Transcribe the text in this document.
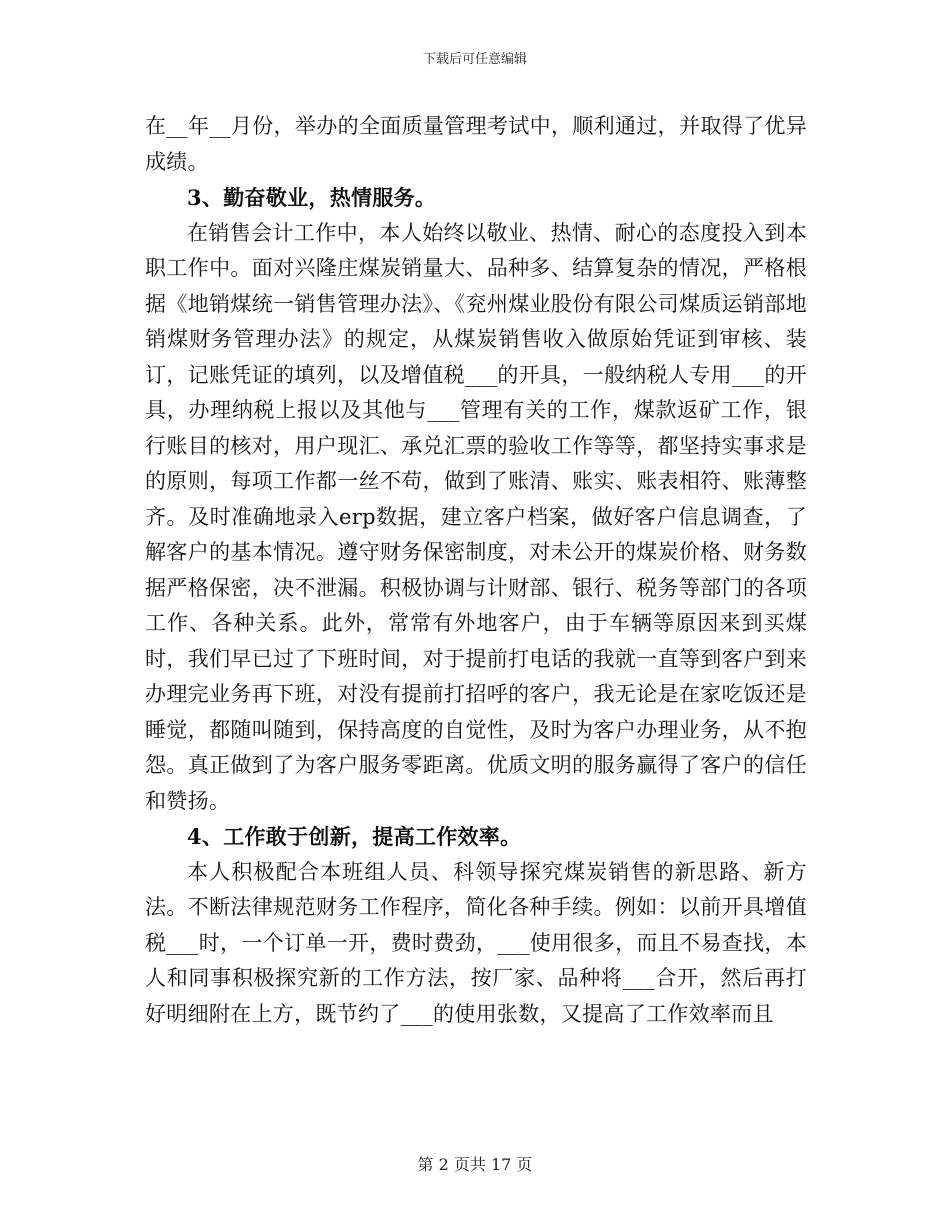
下载后可任意编辑

在__年__月份，举办的全面质量管理考试中，顺利通过，并取得了优异成绩。

3、勤奋敬业，热情服务。

在销售会计工作中，本人始终以敬业、热情、耐心的态度投入到本职工作中。面对兴隆庄煤炭销量大、品种多、结算复杂的情况，严格根据《地销煤统一销售管理办法》、《兖州煤业股份有限公司煤质运销部地销煤财务管理办法》的规定，从煤炭销售收入做原始凭证到审核、装订，记账凭证的填列，以及增值税___的开具，一般纳税人专用___的开具，办理纳税上报以及其他与___管理有关的工作，煤款返矿工作，银行账目的核对，用户现汇、承兑汇票的验收工作等等，都坚持实事求是的原则，每项工作都一丝不苟，做到了账清、账实、账表相符、账薄整齐。及时准确地录入erp数据，建立客户档案，做好客户信息调查，了解客户的基本情况。遵守财务保密制度，对未公开的煤炭价格、财务数据严格保密，决不泄漏。积极协调与计财部、银行、税务等部门的各项工作、各种关系。此外，常常有外地客户，由于车辆等原因来到买煤时，我们早已过了下班时间，对于提前打电话的我就一直等到客户到来办理完业务再下班，对没有提前打招呼的客户，我无论是在家吃饭还是睡觉，都随叫随到，保持高度的自觉性，及时为客户办理业务，从不抱怨。真正做到了为客户服务零距离。优质文明的服务赢得了客户的信任和赞扬。

4、工作敢于创新，提高工作效率。

本人积极配合本班组人员、科领导探究煤炭销售的新思路、新方法。不断法律规范财务工作程序，简化各种手续。例如：以前开具增值税___时，一个订单一开，费时费劲，___使用很多，而且不易查找，本人和同事积极探究新的工作方法，按厂家、品种将___合开，然后再打好明细附在上方，既节约了___的使用张数，又提高了工作效率而且

第 2 页共 17 页
